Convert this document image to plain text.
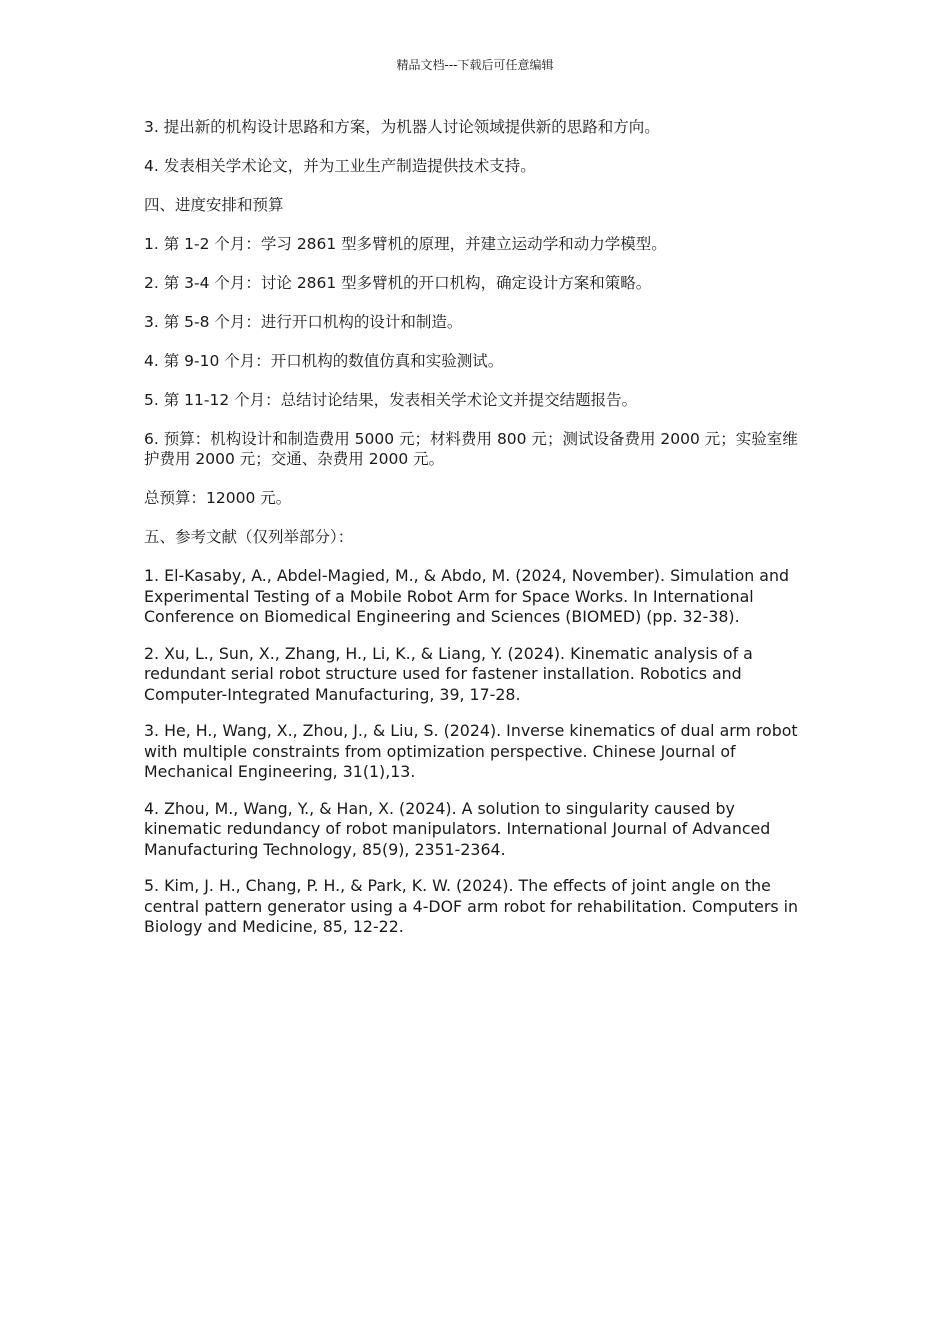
精品文档---下载后可任意编辑

3. 提出新的机构设计思路和方案，为机器人讨论领域提供新的思路和方向。

4. 发表相关学术论文，并为工业生产制造提供技术支持。

四、进度安排和预算

1. 第 1-2 个月：学习 2861 型多臂机的原理，并建立运动学和动力学模型。

2. 第 3-4 个月：讨论 2861 型多臂机的开口机构，确定设计方案和策略。

3. 第 5-8 个月：进行开口机构的设计和制造。

4. 第 9-10 个月：开口机构的数值仿真和实验测试。

5. 第 11-12 个月：总结讨论结果，发表相关学术论文并提交结题报告。

6. 预算：机构设计和制造费用 5000 元；材料费用 800 元；测试设备费用 2000 元；实验室维护费用 2000 元；交通、杂费用 2000 元。

总预算：12000 元。

五、参考文献（仅列举部分）：

1. El-Kasaby, A., Abdel-Magied, M., & Abdo, M. (2024, November). Simulation and Experimental Testing of a Mobile Robot Arm for Space Works. In International Conference on Biomedical Engineering and Sciences (BIOMED) (pp. 32-38).

2. Xu, L., Sun, X., Zhang, H., Li, K., & Liang, Y. (2024). Kinematic analysis of a redundant serial robot structure used for fastener installation. Robotics and Computer-Integrated Manufacturing, 39, 17-28.

3. He, H., Wang, X., Zhou, J., & Liu, S. (2024). Inverse kinematics of dual arm robot with multiple constraints from optimization perspective. Chinese Journal of Mechanical Engineering, 31(1),13.

4. Zhou, M., Wang, Y., & Han, X. (2024). A solution to singularity caused by kinematic redundancy of robot manipulators. International Journal of Advanced Manufacturing Technology, 85(9), 2351-2364.

5. Kim, J. H., Chang, P. H., & Park, K. W. (2024). The effects of joint angle on the central pattern generator using a 4-DOF arm robot for rehabilitation. Computers in Biology and Medicine, 85, 12-22.
